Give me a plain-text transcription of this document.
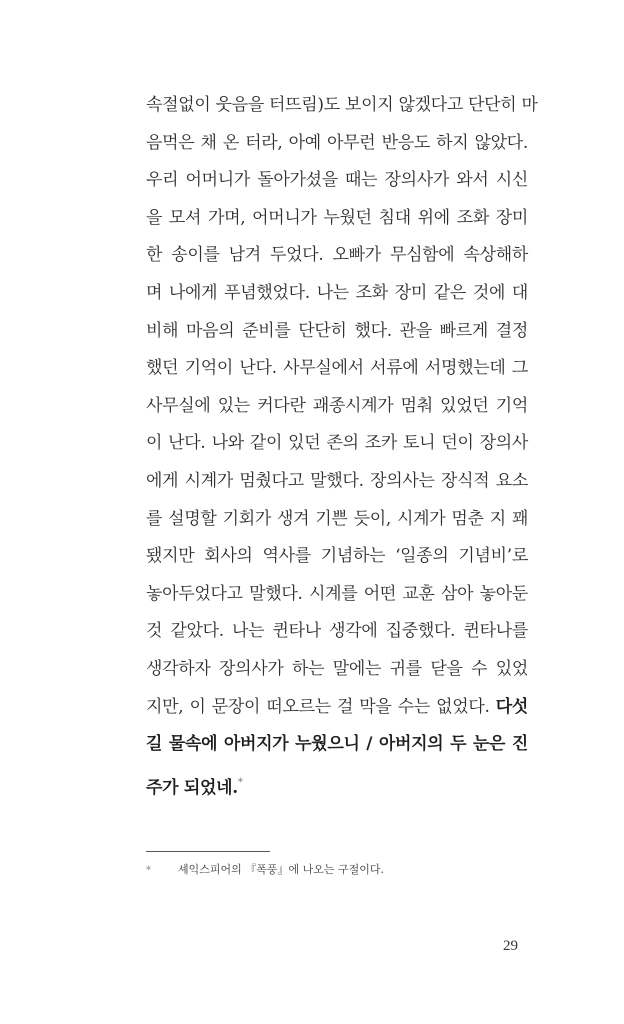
속절없이 웃음을 터뜨림)도 보이지 않겠다고 단단히 마
음먹은 채 온 터라, 아예 아무런 반응도 하지 않았다.
우리 어머니가 돌아가셨을 때는 장의사가 와서 시신
을 모셔 가며, 어머니가 누웠던 침대 위에 조화 장미
한 송이를 남겨 두었다. 오빠가 무심함에 속상해하
며 나에게 푸념했었다. 나는 조화 장미 같은 것에 대
비해 마음의 준비를 단단히 했다. 관을 빠르게 결정
했던 기억이 난다. 사무실에서 서류에 서명했는데 그
사무실에 있는 커다란 괘종시계가 멈춰 있었던 기억
이 난다. 나와 같이 있던 존의 조카 토니 던이 장의사
에게 시계가 멈췄다고 말했다. 장의사는 장식적 요소
를 설명할 기회가 생겨 기쁜 듯이, 시계가 멈춘 지 꽤
됐지만 회사의 역사를 기념하는 ‘일종의 기념비’로
놓아두었다고 말했다. 시계를 어떤 교훈 삼아 놓아둔
것 같았다. 나는 퀸타나 생각에 집중했다. 퀸타나를
생각하자 장의사가 하는 말에는 귀를 닫을 수 있었
지만, 이 문장이 떠오르는 걸 막을 수는 없었다. 다섯
길 물속에 아버지가 누웠으니 / 아버지의 두 눈은 진
주가 되었네.*
* 셰익스피어의 『폭풍』에 나오는 구절이다.
29
